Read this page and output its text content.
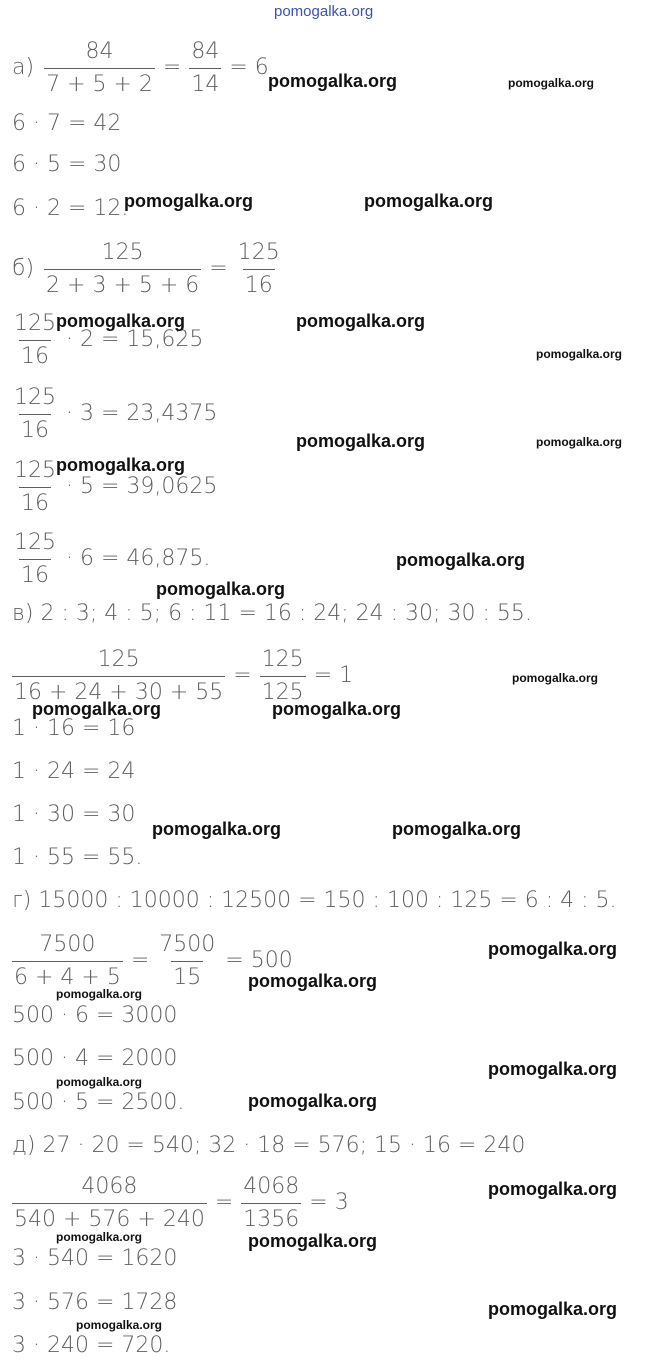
pomogalka.org
$а) \frac{84}{7 + 5 + 2} = \frac{84}{14} = 6$
6 · 7 = 42
6 · 5 = 30
6 · 2 = 12.
$б) \frac{125}{2 + 3 + 5 + 6} = \frac{125}{16}$
$\frac{125}{16} \cdot 2 = 15,625$
$\frac{125}{16} \cdot 3 = 23,4375$
$\frac{125}{16} \cdot 5 = 39,0625$
$\frac{125}{16} \cdot 6 = 46,875$.
в) 2 : 3; 4 : 5; 6 : 11 = 16 : 24; 24 : 30; 30 : 55.
$\frac{125}{16 + 24 + 30 + 55} = \frac{125}{125} = 1$
1 · 16 = 16
1 · 24 = 24
1 · 30 = 30
1 · 55 = 55.
г) 15000 : 10000 : 12500 = 150 : 100 : 125 = 6 : 4 : 5.
$\frac{7500}{6 + 4 + 5} = \frac{7500}{15} = 500$
500 · 6 = 3000
500 · 4 = 2000
500 · 5 = 2500.
д) 27 · 20 = 540; 32 · 18 = 576; 15 · 16 = 240
$\frac{4068}{540 + 576 + 240} = \frac{4068}{1356} = 3$
3 · 540 = 1620
3 · 576 = 1728
3 · 240 = 720.
pomogalka.org	pomogalka.org
pomogalka.org	pomogalka.org
pomogalka.org	pomogalka.org
pomogalka.org
pomogalka.org	pomogalka.org
pomogalka.org
pomogalka.org
pomogalka.org
pomogalka.org
pomogalka.org	pomogalka.org
pomogalka.org	pomogalka.org
pomogalka.org
pomogalka.org
pomogalka.org
pomogalka.org
pomogalka.org
pomogalka.org
pomogalka.org
pomogalka.org	pomogalka.org
pomogalka.org
pomogalka.org
